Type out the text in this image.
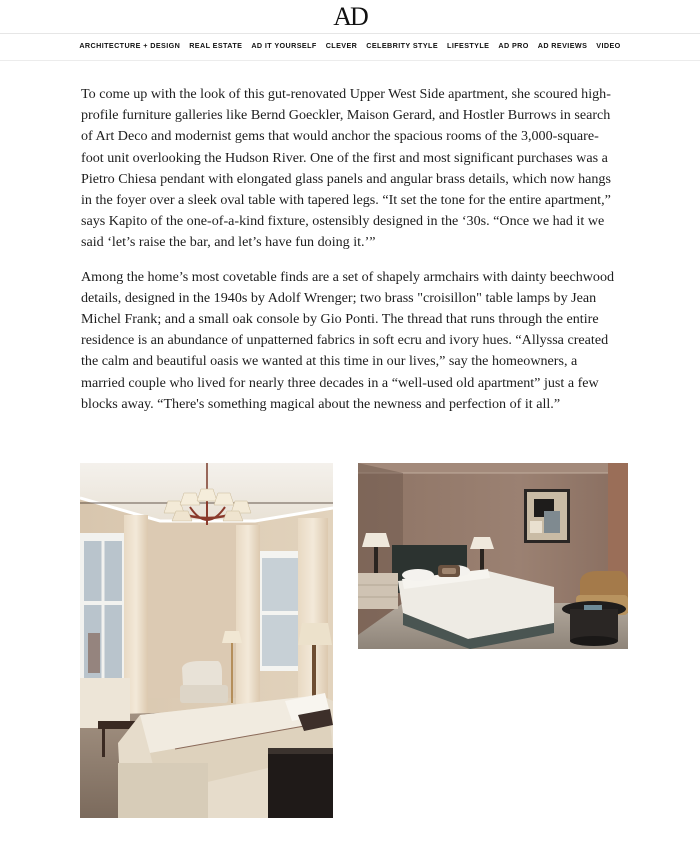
AD
ARCHITECTURE + DESIGN REAL ESTATE AD IT YOURSELF CLEVER CELEBRITY STYLE LIFESTYLE AD PRO AD REVIEWS VIDEO

To come up with the look of this gut-renovated Upper West Side apartment, she scoured high-profile furniture galleries like Bernd Goeckler, Maison Gerard, and Hostler Burrows in search of Art Deco and modernist gems that would anchor the spacious rooms of the 3,000-square-foot unit overlooking the Hudson River. One of the first and most significant purchases was a Pietro Chiesa pendant with elongated glass panels and angular brass details, which now hangs in the foyer over a sleek oval table with tapered legs. “It set the tone for the entire apartment,” says Kapito of the one-of-a-kind fixture, ostensibly designed in the ‘30s. “Once we had it we said ‘let’s raise the bar, and let’s have fun doing it.’”

Among the home’s most covetable finds are a set of shapely armchairs with dainty beechwood details, designed in the 1940s by Adolf Wrenger; two brass "croisillon" table lamps by Jean Michel Frank; and a small oak console by Gio Ponti. The thread that runs through the entire residence is an abundance of unpatterned fabrics in soft ecru and ivory hues. “Allyssa created the calm and beautiful oasis we wanted at this time in our lives,” say the homeowners, a married couple who lived for nearly three decades in a “well-used old apartment” just a few blocks away. “There's something magical about the newness and perfection of it all.”
